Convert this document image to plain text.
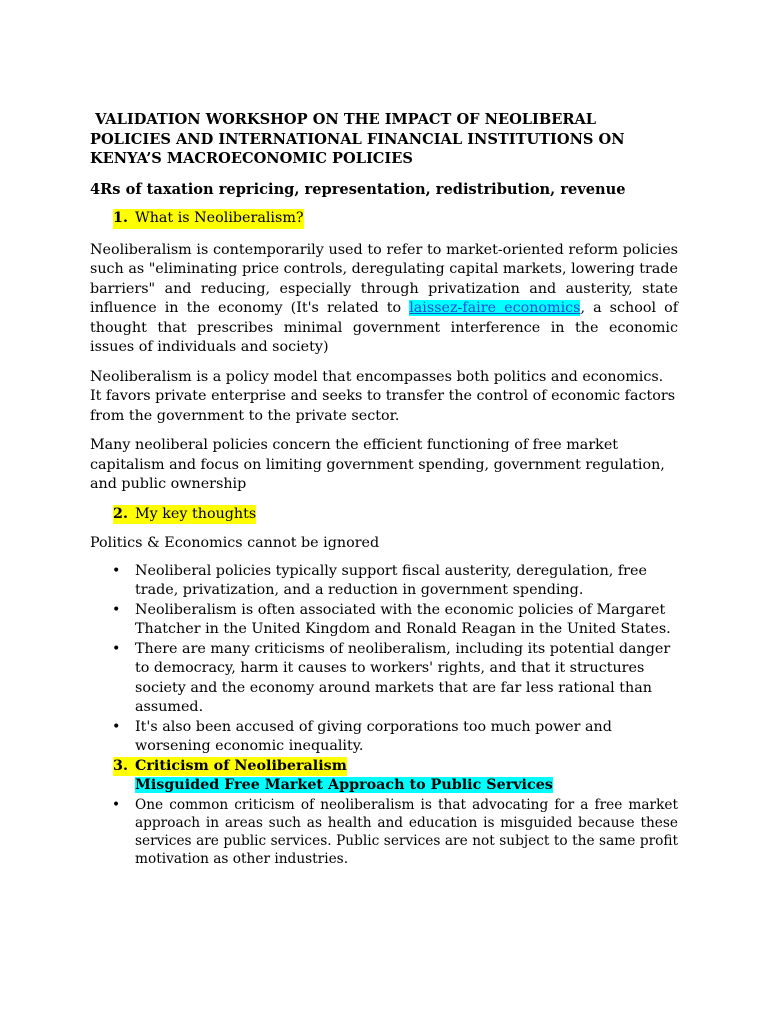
VALIDATION WORKSHOP ON THE IMPACT OF NEOLIBERAL POLICIES AND INTERNATIONAL FINANCIAL INSTITUTIONS ON KENYA’S MACROECONOMIC POLICIES

4Rs of taxation repricing, representation, redistribution, revenue

1. What is Neoliberalism?

Neoliberalism is contemporarily used to refer to market-oriented reform policies such as "eliminating price controls, deregulating capital markets, lowering trade barriers" and reducing, especially through privatization and austerity, state influence in the economy (It's related to laissez-faire economics, a school of thought that prescribes minimal government interference in the economic issues of individuals and society)

Neoliberalism is a policy model that encompasses both politics and economics. It favors private enterprise and seeks to transfer the control of economic factors from the government to the private sector.

Many neoliberal policies concern the efficient functioning of free market capitalism and focus on limiting government spending, government regulation, and public ownership

2. My key thoughts

Politics & Economics cannot be ignored

• Neoliberal policies typically support fiscal austerity, deregulation, free trade, privatization, and a reduction in government spending.
• Neoliberalism is often associated with the economic policies of Margaret Thatcher in the United Kingdom and Ronald Reagan in the United States.
• There are many criticisms of neoliberalism, including its potential danger to democracy, harm it causes to workers' rights, and that it structures society and the economy around markets that are far less rational than assumed.
• It's also been accused of giving corporations too much power and worsening economic inequality.
3. Criticism of Neoliberalism
Misguided Free Market Approach to Public Services

• One common criticism of neoliberalism is that advocating for a free market approach in areas such as health and education is misguided because these services are public services. Public services are not subject to the same profit motivation as other industries.
